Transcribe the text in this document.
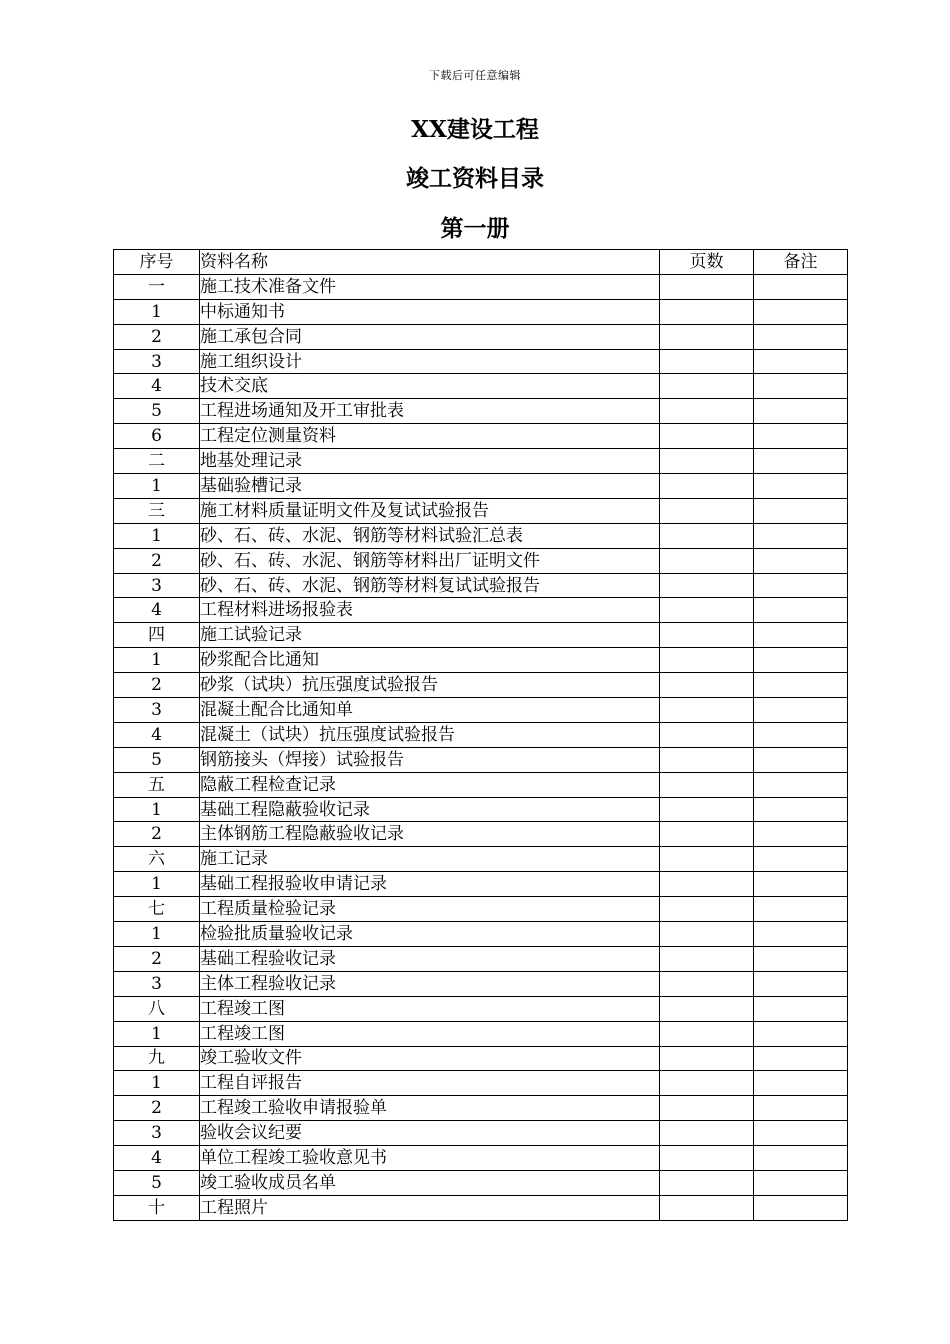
下载后可任意编辑
XX建设工程
竣工资料目录
第一册
序号	资料名称	页数	备注
一	施工技术准备文件		
1	中标通知书		
2	施工承包合同		
3	施工组织设计		
4	技术交底		
5	工程进场通知及开工审批表		
6	工程定位测量资料		
二	地基处理记录		
1	基础验槽记录		
三	施工材料质量证明文件及复试试验报告		
1	砂、石、砖、水泥、钢筋等材料试验汇总表		
2	砂、石、砖、水泥、钢筋等材料出厂证明文件		
3	砂、石、砖、水泥、钢筋等材料复试试验报告		
4	工程材料进场报验表		
四	施工试验记录		
1	砂浆配合比通知		
2	砂浆（试块）抗压强度试验报告		
3	混凝土配合比通知单		
4	混凝土（试块）抗压强度试验报告		
5	钢筋接头（焊接）试验报告		
五	隐蔽工程检查记录		
1	基础工程隐蔽验收记录		
2	主体钢筋工程隐蔽验收记录		
六	施工记录		
1	基础工程报验收申请记录		
七	工程质量检验记录		
1	检验批质量验收记录		
2	基础工程验收记录		
3	主体工程验收记录		
八	工程竣工图		
1	工程竣工图		
九	竣工验收文件		
1	工程自评报告		
2	工程竣工验收申请报验单		
3	验收会议纪要		
4	单位工程竣工验收意见书		
5	竣工验收成员名单		
十	工程照片		
